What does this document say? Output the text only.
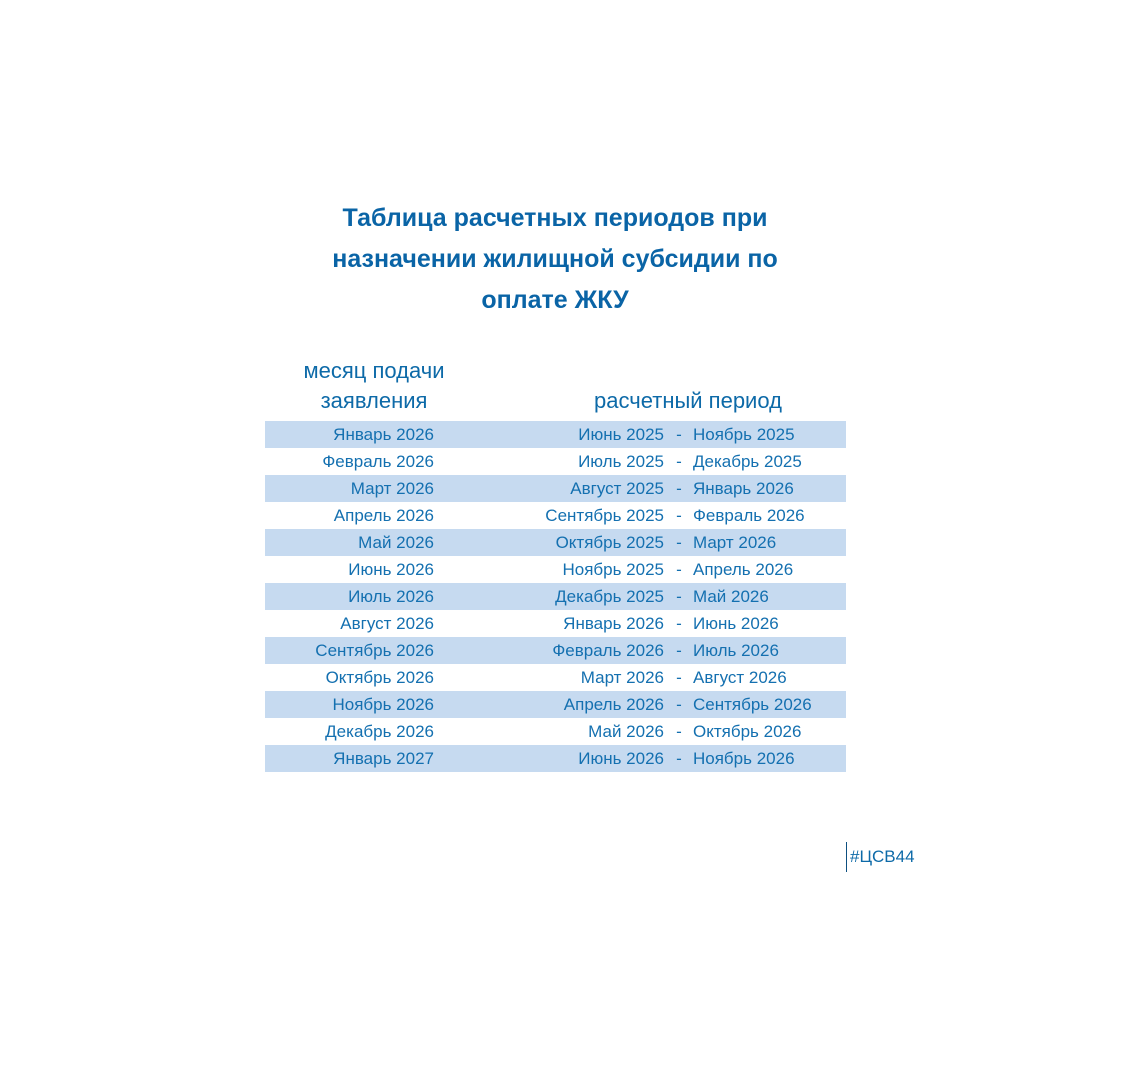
Таблица расчетных периодов при
назначении жилищной субсидии по
оплате ЖКУ
месяц подачи
заявления	расчетный период
Январь 2026	Июнь 2025 - Ноябрь 2025
Февраль 2026	Июль 2025 - Декабрь 2025
Март 2026	Август 2025 - Январь 2026
Апрель 2026	Сентябрь 2025 - Февраль 2026
Май 2026	Октябрь 2025 - Март 2026
Июнь 2026	Ноябрь 2025 - Апрель 2026
Июль 2026	Декабрь 2025 - Май 2026
Август 2026	Январь 2026 - Июнь 2026
Сентябрь 2026	Февраль 2026 - Июль 2026
Октябрь 2026	Март 2026 - Август 2026
Ноябрь 2026	Апрель 2026 - Сентябрь 2026
Декабрь 2026	Май 2026 - Октябрь 2026
Январь 2027	Июнь 2026 - Ноябрь 2026
#ЦСВ44
